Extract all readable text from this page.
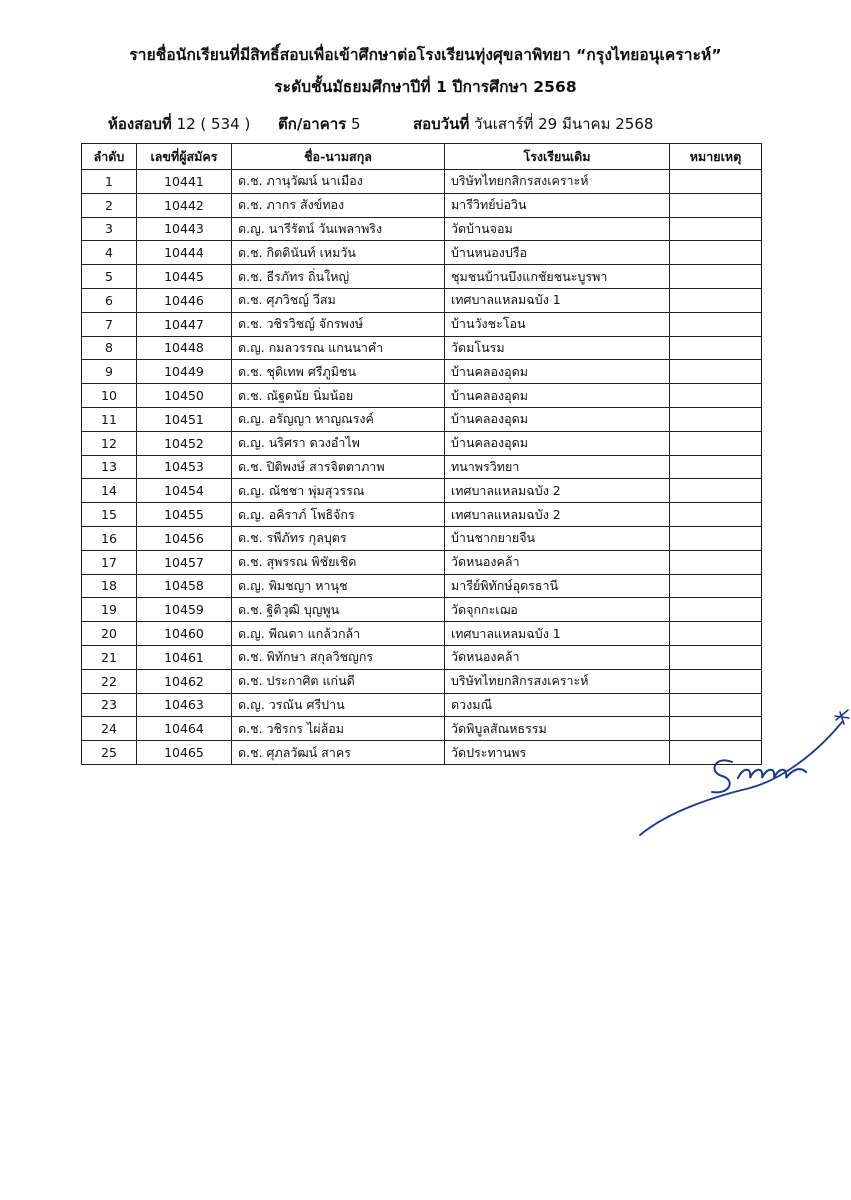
รายชื่อนักเรียนที่มีสิทธิ์สอบเพื่อเข้าศึกษาต่อโรงเรียนทุ่งศุขลาพิทยา “กรุงไทยอนุเคราะห์”
ระดับชั้นมัธยมศึกษาปีที่ 1 ปีการศึกษา 2568
ห้องสอบที่ 12 ( 534 ) ตึก/อาคาร 5	สอบวันที่ วันเสาร์ที่ 29 มีนาคม 2568
ลำดับ	เลขที่ผู้สมัคร	ชื่อ-นามสกุล	โรงเรียนเดิม	หมายเหตุ
1	10441	ด.ช. ภานุวัฒน์ นาเมือง	บริษัทไทยกสิกรสงเคราะห์	
2	10442	ด.ช. ภากร สังข์ทอง	มารีวิทย์บ่อวิน	
3	10443	ด.ญ. นารีรัตน์ วันเพลาพริง	วัดบ้านจอม	
4	10444	ด.ช. กิตตินันท์ เหมวัน	บ้านหนองปรือ	
5	10445	ด.ช. ธีรภัทร ถิ่นใหญ่	ชุมชนบ้านบึงแกชัยชนะบูรพา	
6	10446	ด.ช. ศุภวิชญ์ วีสม	เทศบาลแหลมฉบัง 1	
7	10447	ด.ช. วชิรวิชญ์ จักรพงษ์	บ้านวังชะโอน	
8	10448	ด.ญ. กมลวรรณ แกนนาคำ	วัดมโนรม	
9	10449	ด.ช. ชุติเทพ ศรีภูมิชน	บ้านคลองอุดม	
10	10450	ด.ช. ณัฐดนัย นิ่มน้อย	บ้านคลองอุดม	
11	10451	ด.ญ. อรัญญา หาญณรงค์	บ้านคลองอุดม	
12	10452	ด.ญ. นริศรา ดวงอำไพ	บ้านคลองอุดม	
13	10453	ด.ช. ปิติพงษ์ สารจิตตาภาพ	ทนาพรวิทยา	
14	10454	ด.ญ. ณัชชา พุ่มสุวรรณ	เทศบาลแหลมฉบัง 2	
15	10455	ด.ญ. อคิราภ์ โพธิจักร	เทศบาลแหลมฉบัง 2	
16	10456	ด.ช. รพีภัทร กุลบุตร	บ้านชากยายจีน	
17	10457	ด.ช. สุพรรณ พิชัยเชิด	วัดหนองคล้า	
18	10458	ด.ญ. พิมชญา หานุช	มารีย์พิทักษ์อุดรธานี	
19	10459	ด.ช. ฐิติวุฒิ บุญพูน	วัดจุกกะเฌอ	
20	10460	ด.ญ. พีณดา แกล้วกล้า	เทศบาลแหลมฉบัง 1	
21	10461	ด.ช. พิทักษา สกุลวิชญกร	วัดหนองคล้า	
22	10462	ด.ช. ประกาศิต แก่นดี	บริษัทไทยกสิกรสงเคราะห์	
23	10463	ด.ญ. วรณัน ศรีปาน	ดวงมณี	
24	10464	ด.ช. วชิรกร ไผ่ล้อม	วัดพิบูลสัณหธรรม	
25	10465	ด.ช. ศุภลวัฒน์ สาคร	วัดประทานพร	
